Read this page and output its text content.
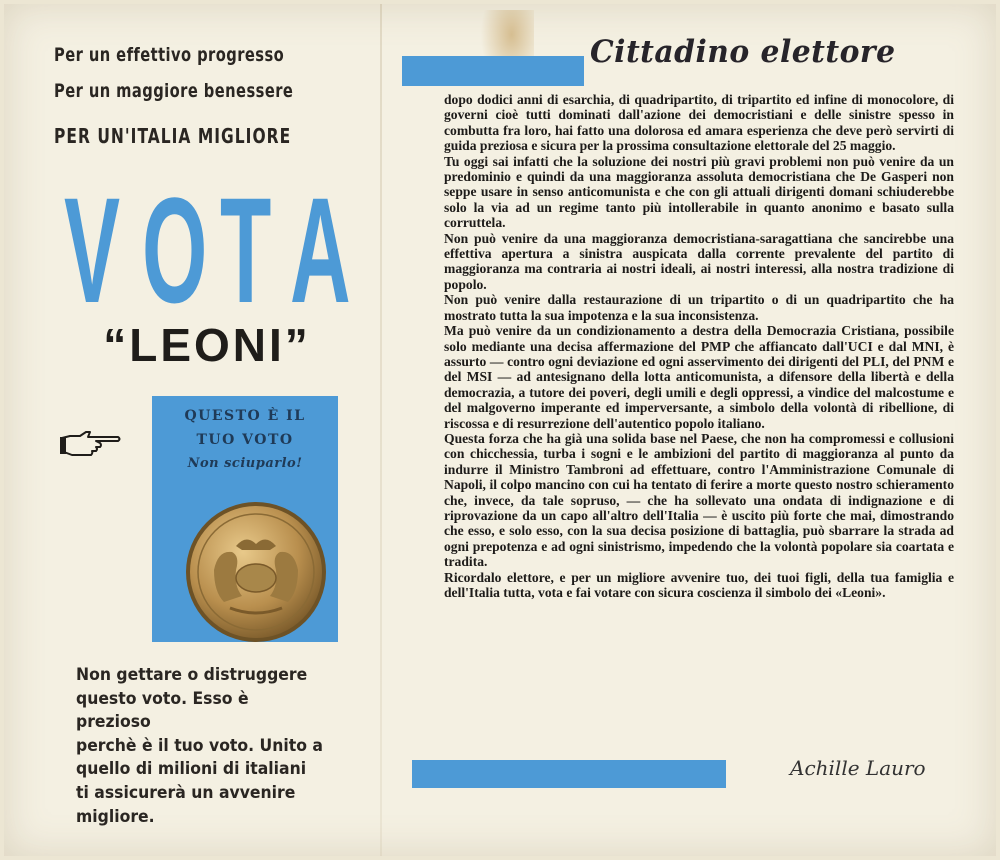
Per un effettivo progresso
Per un maggiore benessere
PER UN'ITALIA MIGLIORE
V O T A
“LEONI”
QUESTO È IL
TUO VOTO
Non sciuparlo!
Non gettare o distruggere
questo voto. Esso è prezioso
perchè è il tuo voto. Unito a
quello di milioni di italiani
ti assicurerà un avvenire
migliore.
Cittadino elettore

dopo dodici anni di esarchia, di quadripartito, di tripartito ed infine di monocolore, di governi cioè tutti dominati dall'azione dei democristiani e delle sinistre spesso in combutta fra loro, hai fatto una dolorosa ed amara esperienza che deve però servirti di guida preziosa e sicura per la prossima consultazione elettorale del 25 maggio.

Tu oggi sai infatti che la soluzione dei nostri più gravi problemi non può venire da un predominio e quindi da una maggioranza assoluta democristiana che De Gasperi non seppe usare in senso anticomunista e che con gli attuali dirigenti domani schiuderebbe solo la via ad un regime tanto più intollerabile in quanto anonimo e basato sulla corruttela.

Non può venire da una maggioranza democristiana-saragattiana che sancirebbe una effettiva apertura a sinistra auspicata dalla corrente prevalente del partito di maggioranza ma contraria ai nostri ideali, ai nostri interessi, alla nostra tradizione di popolo.

Non può venire dalla restaurazione di un tripartito o di un quadripartito che ha mostrato tutta la sua impotenza e la sua inconsistenza.

Ma può venire da un condizionamento a destra della Democrazia Cristiana, possibile solo mediante una decisa affermazione del PMP che affiancato dall'UCI e dal MNI, è assurto — contro ogni deviazione ed ogni asservimento dei dirigenti del PLI, del PNM e del MSI — ad antesignano della lotta anticomunista, a difensore della libertà e della democrazia, a tutore dei poveri, degli umili e degli oppressi, a vindice del malcostume e del malgoverno imperante ed imperversante, a simbolo della volontà di ribellione, di riscossa e di resurrezione dell'autentico popolo italiano.

Questa forza che ha già una solida base nel Paese, che non ha compromessi e collusioni con chicchessia, turba i sogni e le ambizioni del partito di maggioranza al punto da indurre il Ministro Tambroni ad effettuare, contro l'Amministrazione Comunale di Napoli, il colpo mancino con cui ha tentato di ferire a morte questo nostro schieramento che, invece, da tale sopruso, — che ha sollevato una ondata di indignazione e di riprovazione da un capo all'altro dell'Italia — è uscito più forte che mai, dimostrando che esso, e solo esso, con la sua decisa posizione di battaglia, può sbarrare la strada ad ogni prepotenza e ad ogni sinistrismo, impedendo che la volontà popolare sia coartata e tradita.

Ricordalo elettore, e per un migliore avvenire tuo, dei tuoi figli, della tua famiglia e dell'Italia tutta, vota e fai votare con sicura coscienza il simbolo dei «Leoni».

Achille Lauro
